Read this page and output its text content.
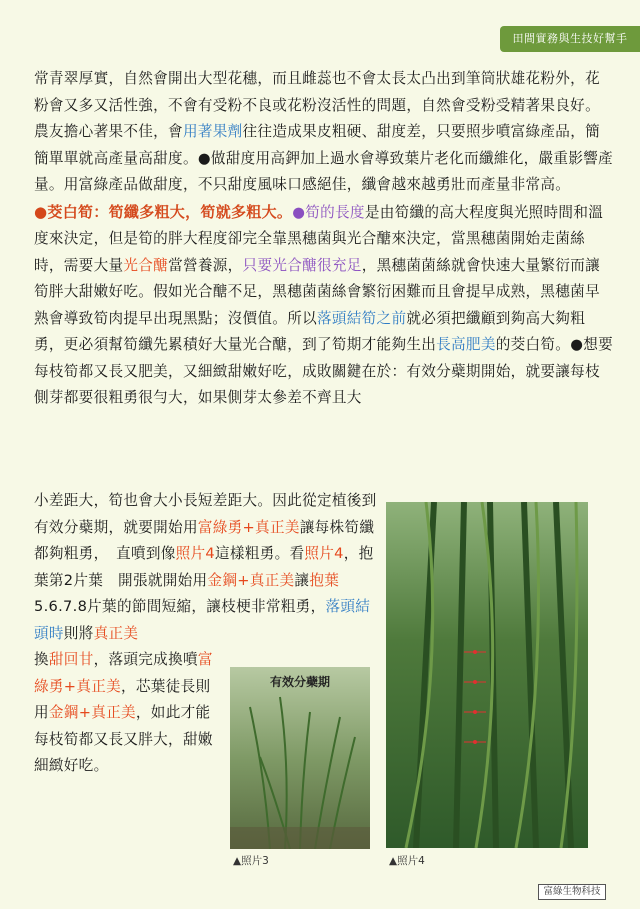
田間實務與生技好幫手
常青翠厚實，自然會開出大型花穗，而且雌蕊也不會太長太凸出到筆筒狀雄花粉外，花粉會又多又活性強，不會有受粉不良或花粉沒活性的問題，自然會受粉受精著果良好。農友擔心著果不佳，會用著果劑往往造成果皮粗硬、甜度差，只要照步噴富綠產品，簡簡單單就高產量高甜度。●做甜度用高鉀加上過水會導致葉片老化而纖維化，嚴重影響產量。用富綠產品做甜度，不只甜度風味口感絕佳，纖會越來越勇壯而產量非常高。
●茭白筍：筍纖多粗大，筍就多粗大。●筍的長度是由筍纖的高大程度與光照時間和溫度來決定，但是筍的胖大程度卻完全靠黑穗菌與光合醣來決定，當黑穗菌開始走菌絲時，需要大量光合醣當營養源，只要光合醣很充足，黑穗菌菌絲就會快速大量繁衍而讓筍胖大甜嫩好吃。假如光合醣不足，黑穗菌菌絲會繁衍困難而且會提早成熟，黑穗菌早熟會導致筍肉提早出現黑點；沒價值。所以落頭結筍之前就必須把纖顧到夠高大夠粗勇，更必須幫筍纖先累積好大量光合醣，到了筍期才能夠生出長高肥美的茭白筍。●想要每枝筍都又長又肥美，又細緻甜嫩好吃，成敗關鍵在於：有效分蘗期開始，就要讓每枝側芽都要很粗勇很勻大，如果側芽太參差不齊且大
小差距大，筍也會大小長短差距大。因此從定植後到有效分蘗期，就要開始用富綠勇+真正美讓每株筍纖都夠粗勇，　直噴到像照片4這樣粗勇。看照片4，抱葉第2片葉　開張就開始用金鋼+真正美讓抱葉5.6.7.8片葉的節間短縮，讓枝梗非常粗勇，落頭結頭時則將真正美
換甜回甘，落頭完成換噴富綠勇+真正美，芯葉徒長則用金鋼+真正美，如此才能每枝筍都又長又胖大，甜嫩細緻好吃。
有效分蘗期
▲照片3	▲照片4
富綠生物科技
